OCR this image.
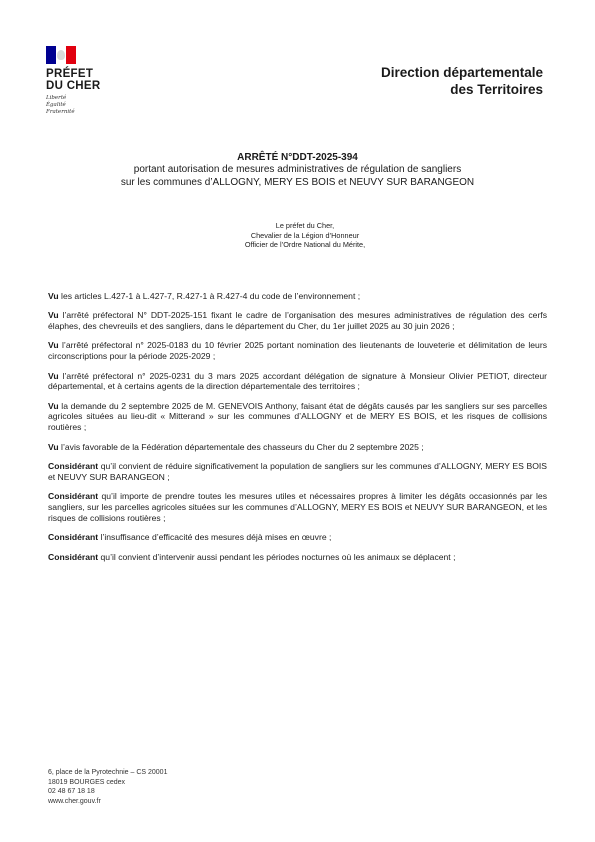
PRÉFET
DU CHER
Liberté
Égalité
Fraternité
Direction départementale
des Territoires
ARRÊTÉ N°DDT-2025-394
portant autorisation de mesures administratives de régulation de sangliers
sur les communes d’ALLOGNY, MERY ES BOIS et NEUVY SUR BARANGEON
Le préfet du Cher,
Chevalier de la Légion d’Honneur
Officier de l’Ordre National du Mérite,

Vu les articles L.427-1 à L.427-7, R.427-1 à R.427-4 du code de l’environnement ;

Vu l’arrêté préfectoral N° DDT-2025-151 fixant le cadre de l’organisation des mesures administratives de régulation des cerfs élaphes, des chevreuils et des sangliers, dans le département du Cher, du 1er juillet 2025 au 30 juin 2026 ;

Vu l’arrêté préfectoral n° 2025-0183 du 10 février 2025 portant nomination des lieutenants de louveterie et délimitation de leurs circonscriptions pour la période 2025-2029 ;

Vu l’arrêté préfectoral n° 2025-0231 du 3 mars 2025 accordant délégation de signature à Monsieur Olivier PETIOT, directeur départemental, et à certains agents de la direction départementale des territoires ;

Vu la demande du 2 septembre 2025 de M. GENEVOIS Anthony, faisant état de dégâts causés par les sangliers sur ses parcelles agricoles situées au lieu-dit « Mitterand » sur les communes d’ALLOGNY et de MERY ES BOIS, et les risques de collisions routières ;

Vu l’avis favorable de la Fédération départementale des chasseurs du Cher du 2 septembre 2025 ;

Considérant qu’il convient de réduire significativement la population de sangliers sur les communes d’ALLOGNY, MERY ES BOIS et NEUVY SUR BARANGEON ;

Considérant qu’il importe de prendre toutes les mesures utiles et nécessaires propres à limiter les dégâts occasionnés par les sangliers, sur les parcelles agricoles situées sur les communes d’ALLOGNY, MERY ES BOIS et NEUVY SUR BARANGEON, et les risques de collisions routières ;

Considérant l’insuffisance d’efficacité des mesures déjà mises en œuvre ;

Considérant qu’il convient d’intervenir aussi pendant les périodes nocturnes où les animaux se déplacent ;

6, place de la Pyrotechnie – CS 20001
18019 BOURGES cedex
02 48 67 18 18
www.cher.gouv.fr
